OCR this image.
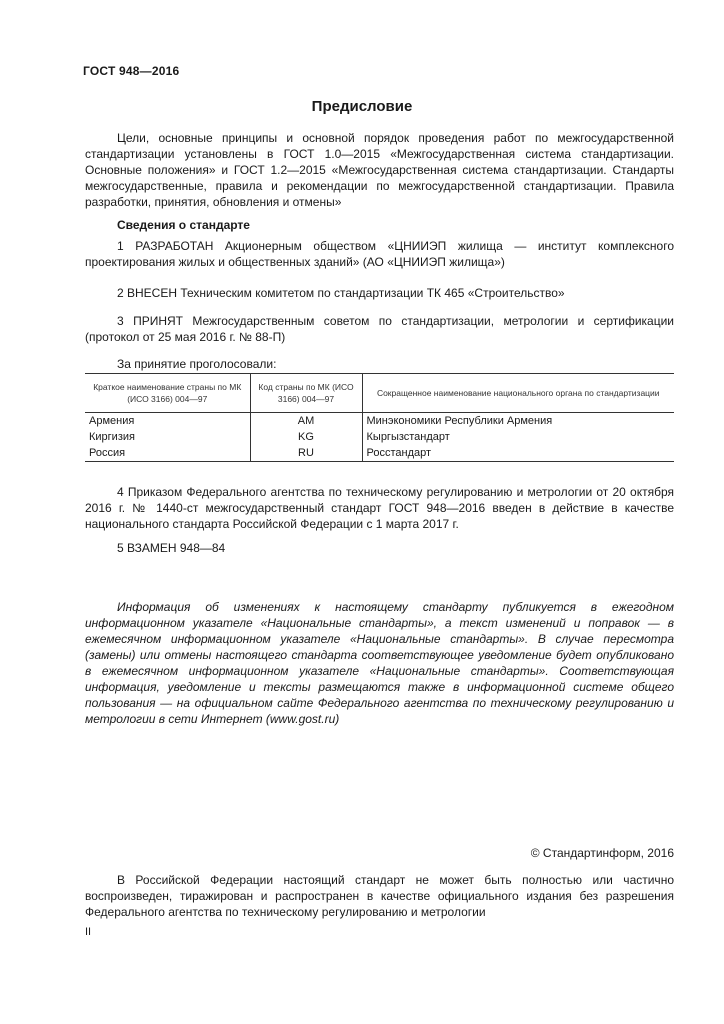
ГОСТ 948—2016
Предисловие

Цели, основные принципы и основной порядок проведения работ по межгосударственной стандартизации установлены в ГОСТ 1.0—2015 «Межгосударственная система стандартизации. Основные положения» и ГОСТ 1.2—2015 «Межгосударственная система стандартизации. Стандарты межгосударственные, правила и рекомендации по межгосударственной стандартизации. Правила разработки, принятия, обновления и отмены»

Сведения о стандарте

1 РАЗРАБОТАН Акционерным обществом «ЦНИИЭП жилища — институт комплексного проектирования жилых и общественных зданий» (АО «ЦНИИЭП жилища»)

2 ВНЕСЕН Техническим комитетом по стандартизации ТК 465 «Строительство»

3 ПРИНЯТ Межгосударственным советом по стандартизации, метрологии и сертификации (протокол от 25 мая 2016 г. № 88-П)

За принятие проголосовали:
Краткое наименование страны по МК (ИСО 3166) 004—97	Код страны по МК (ИСО 3166) 004—97	Сокращенное наименование национального органа по стандартизации
Армения	AM	Минэкономики Республики Армения
Киргизия	KG	Кыргызстандарт
Россия	RU	Росстандарт

4 Приказом Федерального агентства по техническому регулированию и метрологии от 20 октября 2016 г. № 1440-ст межгосударственный стандарт ГОСТ 948—2016 введен в действие в качестве национального стандарта Российской Федерации с 1 марта 2017 г.

5 ВЗАМЕН 948—84

Информация об изменениях к настоящему стандарту публикуется в ежегодном информационном указателе «Национальные стандарты», а текст изменений и поправок — в ежемесячном информационном указателе «Национальные стандарты». В случае пересмотра (замены) или отмены настоящего стандарта соответствующее уведомление будет опубликовано в ежемесячном информационном указателе «Национальные стандарты». Соответствующая информация, уведомление и тексты размещаются также в информационной системе общего пользования — на официальном сайте Федерального агентства по техническому регулированию и метрологии в сети Интернет (www.gost.ru)

© Стандартинформ, 2016

В Российской Федерации настоящий стандарт не может быть полностью или частично воспроизведен, тиражирован и распространен в качестве официального издания без разрешения Федерального агентства по техническому регулированию и метрологии

II
